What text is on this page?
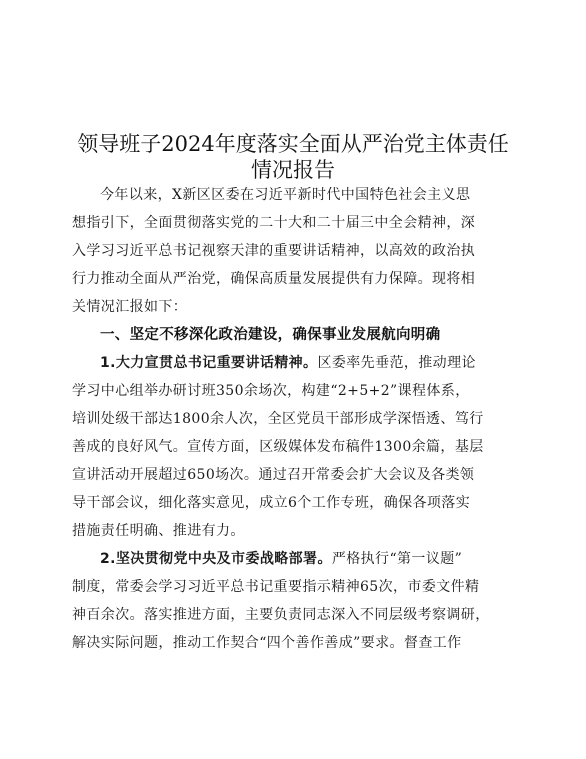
领导班子2024年度落实全面从严治党主体责任
情况报告
今年以来，X新区区委在习近平新时代中国特色社会主义思
想指引下，全面贯彻落实党的二十大和二十届三中全会精神，深
入学习习近平总书记视察天津的重要讲话精神，以高效的政治执
行力推动全面从严治党，确保高质量发展提供有力保障。现将相
关情况汇报如下：
一、坚定不移深化政治建设，确保事业发展航向明确
1.大力宣贯总书记重要讲话精神。区委率先垂范，推动理论
学习中心组举办研讨班350余场次，构建“2+5+2”课程体系，
培训处级干部达1800余人次，全区党员干部形成学深悟透、笃行
善成的良好风气。宣传方面，区级媒体发布稿件1300余篇，基层
宣讲活动开展超过650场次。通过召开常委会扩大会议及各类领
导干部会议，细化落实意见，成立6个工作专班，确保各项落实
措施责任明确、推进有力。
2.坚决贯彻党中央及市委战略部署。严格执行“第一议题”
制度，常委会学习习近平总书记重要指示精神65次，市委文件精
神百余次。落实推进方面，主要负责同志深入不同层级考察调研，
解决实际问题，推动工作契合“四个善作善成”要求。督查工作
